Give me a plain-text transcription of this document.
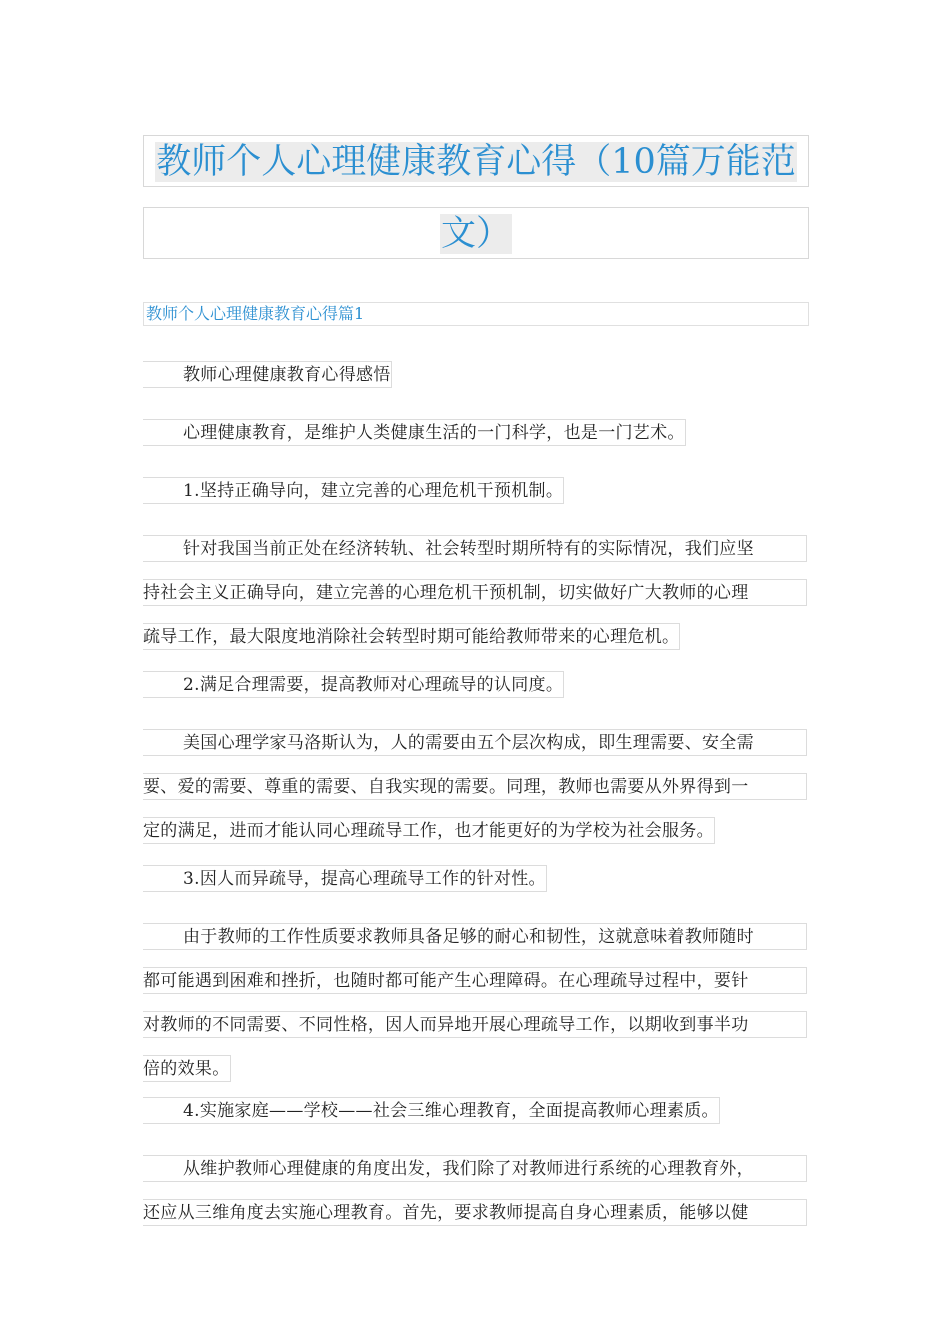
教师个人心理健康教育心得（10篇万能范
文）
教师个人心理健康教育心得篇1
教师心理健康教育心得感悟
心理健康教育，是维护人类健康生活的一门科学，也是一门艺术。
1.坚持正确导向，建立完善的心理危机干预机制。
针对我国当前正处在经济转轨、社会转型时期所特有的实际情况，我们应坚
持社会主义正确导向，建立完善的心理危机干预机制，切实做好广大教师的心理
疏导工作，最大限度地消除社会转型时期可能给教师带来的心理危机。
2.满足合理需要，提高教师对心理疏导的认同度。
美国心理学家马洛斯认为，人的需要由五个层次构成，即生理需要、安全需
要、爱的需要、尊重的需要、自我实现的需要。同理，教师也需要从外界得到一
定的满足，进而才能认同心理疏导工作，也才能更好的为学校为社会服务。
3.因人而异疏导，提高心理疏导工作的针对性。
由于教师的工作性质要求教师具备足够的耐心和韧性，这就意味着教师随时
都可能遇到困难和挫折，也随时都可能产生心理障碍。在心理疏导过程中，要针
对教师的不同需要、不同性格，因人而异地开展心理疏导工作，以期收到事半功
倍的效果。
4.实施家庭——学校——社会三维心理教育，全面提高教师心理素质。
从维护教师心理健康的角度出发，我们除了对教师进行系统的心理教育外，
还应从三维角度去实施心理教育。首先，要求教师提高自身心理素质，能够以健
